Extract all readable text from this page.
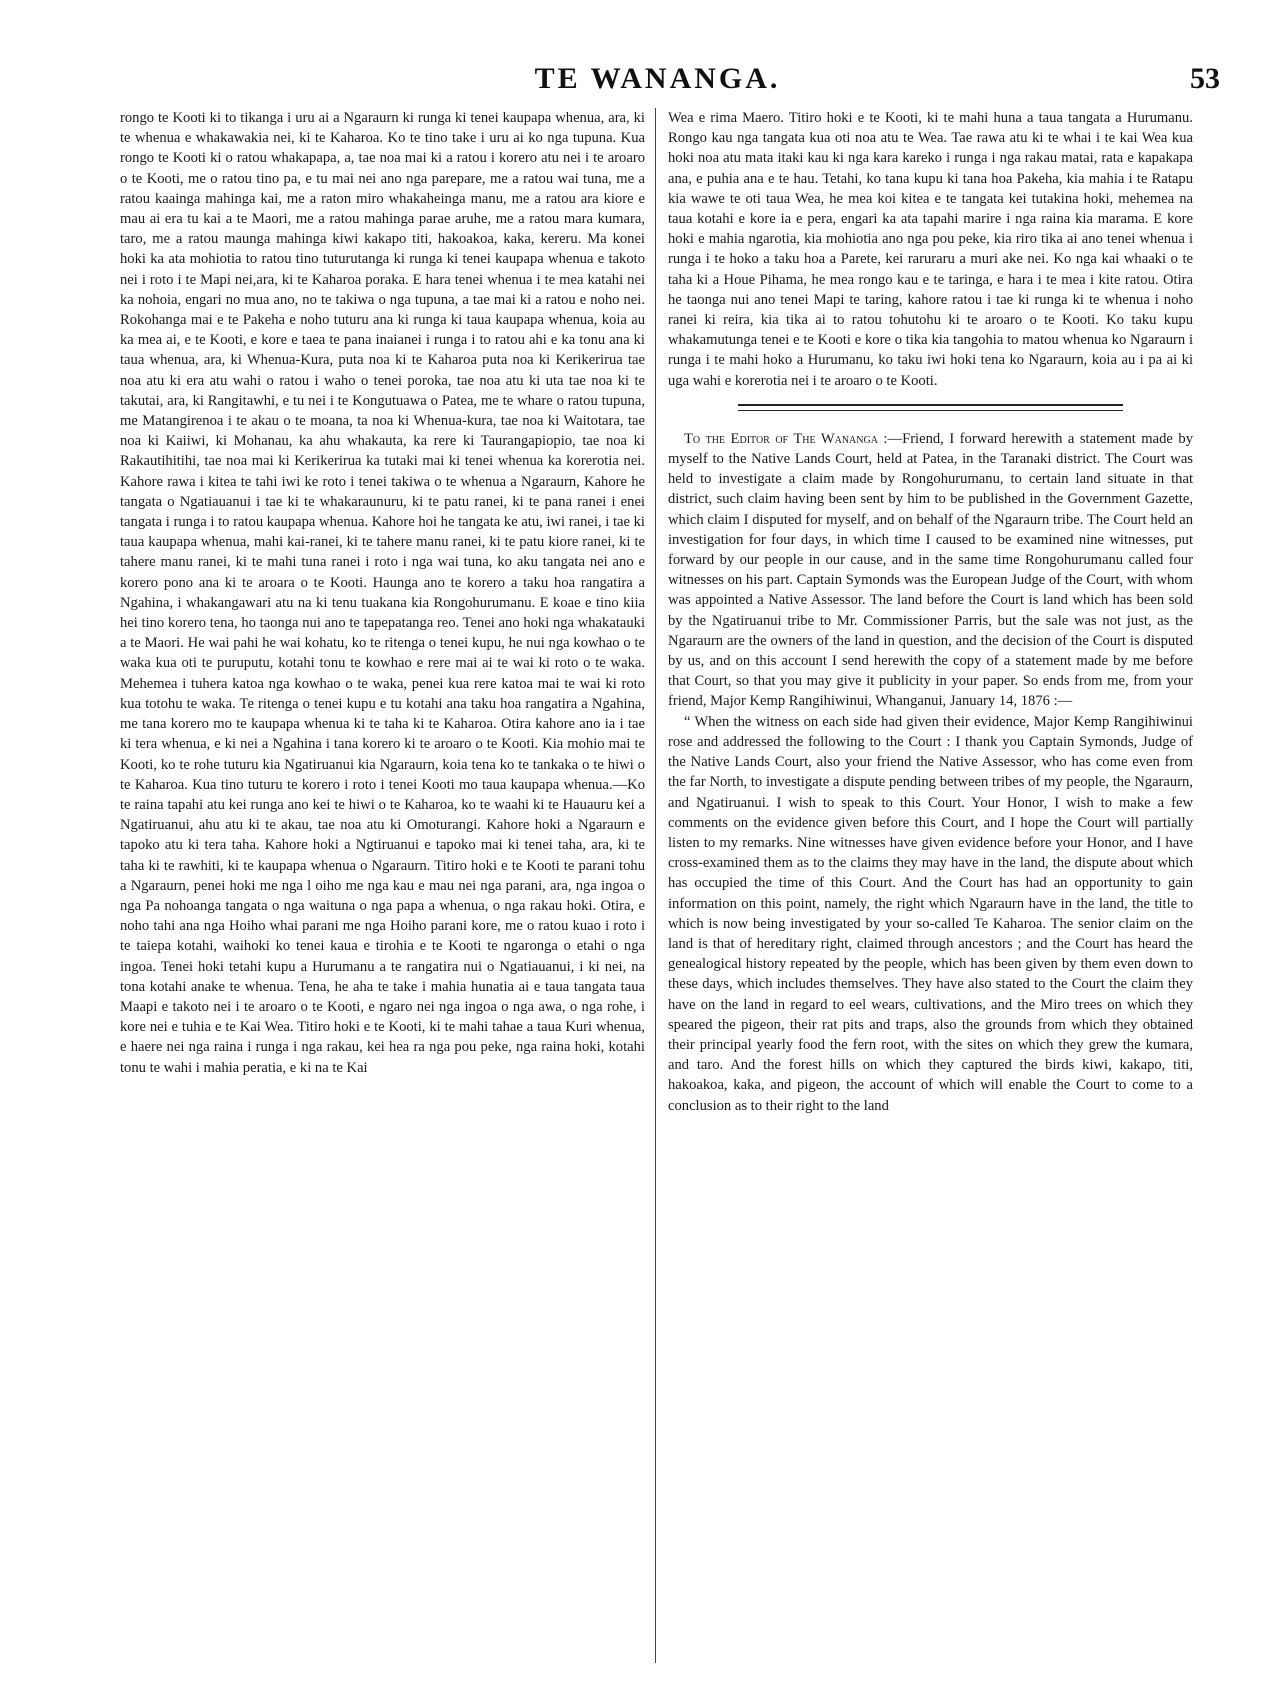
TE WANANGA.	53

rongo te Kooti ki to tikanga i uru ai a Ngaraurn ki runga ki tenei kaupapa whenua, ara, ki te whenua e whakawakia nei, ki te Kaharoa. Ko te tino take i uru ai ko nga tupuna. Kua rongo te Kooti ki o ratou whakapapa, a, tae noa mai ki a ratou i korero atu nei i te aroaro o te Kooti, me o ratou tino pa, e tu mai nei ano nga parepare, me a ratou wai tuna, me a ratou kaainga mahinga kai, me a raton miro whakaheinga manu, me a ratou ara kiore e mau ai era tu kai a te Maori, me a ratou mahinga parae aruhe, me a ratou mara kumara, taro, me a ratou maunga mahinga kiwi kakapo titi, hakoakoa, kaka, kereru. Ma konei hoki ka ata mohiotia to ratou tino tuturutanga ki runga ki tenei kaupapa whenua e takoto nei i roto i te Mapi nei,ara, ki te Kaharoa poraka. E hara tenei whenua i te mea katahi nei ka nohoia, engari no mua ano, no te takiwa o nga tupuna, a tae mai ki a ratou e noho nei. Rokohanga mai e te Pakeha e noho tuturu ana ki runga ki taua kaupapa whenua, koia au ka mea ai, e te Kooti, e kore e taea te pana inaianei i runga i to ratou ahi e ka tonu ana ki taua whenua, ara, ki Whenua-Kura, puta noa ki te Kaharoa puta noa ki Kerikerirua tae noa atu ki era atu wahi o ratou i waho o tenei poroka, tae noa atu ki uta tae noa ki te takutai, ara, ki Rangitawhi, e tu nei i te Kongutuawa o Patea, me te whare o ratou tupuna, me Matangirenoa i te akau o te moana, ta noa ki Whenua-kura, tae noa ki Waitotara, tae noa ki Kaiiwi, ki Mohanau, ka ahu whakauta, ka rere ki Taurangapiopio, tae noa ki Rakautihitihi, tae noa mai ki Kerikerirua ka tutaki mai ki tenei whenua ka korerotia nei. Kahore rawa i kitea te tahi iwi ke roto i tenei takiwa o te whenua a Ngaraurn, Kahore he tangata o Ngatiauanui i tae ki te whakaraunuru, ki te patu ranei, ki te pana ranei i enei tangata i runga i to ratou kaupapa whenua. Kahore hoi he tangata ke atu, iwi ranei, i tae ki taua kaupapa whenua, mahi kai-ranei, ki te tahere manu ranei, ki te patu kiore ranei, ki te tahere manu ranei, ki te mahi tuna ranei i roto i nga wai tuna, ko aku tangata nei ano e korero pono ana ki te aroara o te Kooti. Haunga ano te korero a taku hoa rangatira a Ngahina, i whakangawari atu na ki tenu tuakana kia Rongohurumanu. E koae e tino kiia hei tino korero tena, ho taonga nui ano te tapepatanga reo. Tenei ano hoki nga whakatauki a te Maori. He wai pahi he wai kohatu, ko te ritenga o tenei kupu, he nui nga kowhao o te waka kua oti te puruputu, kotahi tonu te kowhao e rere mai ai te wai ki roto o te waka. Mehemea i tuhera katoa nga kowhao o te waka, penei kua rere katoa mai te wai ki roto kua totohu te waka. Te ritenga o tenei kupu e tu kotahi ana taku hoa rangatira a Ngahina, me tana korero mo te kaupapa whenua ki te taha ki te Kaharoa. Otira kahore ano ia i tae ki tera whenua, e ki nei a Ngahina i tana korero ki te aroaro o te Kooti. Kia mohio mai te Kooti, ko te rohe tuturu kia Ngatiruanui kia Ngaraurn, koia tena ko te tankaka o te hiwi o te Kaharoa. Kua tino tuturu te korero i roto i tenei Kooti mo taua kaupapa whenua.—Ko te raina tapahi atu kei runga ano kei te hiwi o te Kaharoa, ko te waahi ki te Hauauru kei a Ngatiruanui, ahu atu ki te akau, tae noa atu ki Omoturangi. Kahore hoki a Ngaraurn e tapoko atu ki tera taha. Kahore hoki a Ngtiruanui e tapoko mai ki tenei taha, ara, ki te taha ki te rawhiti, ki te kaupapa whenua o Ngaraurn. Titiro hoki e te Kooti te parani tohu a Ngaraurn, penei hoki me nga l oiho me nga kau e mau nei nga parani, ara, nga ingoa o nga Pa nohoanga tangata o nga waituna o nga papa a whenua, o nga rakau hoki. Otira, e noho tahi ana nga Hoiho whai parani me nga Hoiho parani kore, me o ratou kuao i roto i te taiepa kotahi, waihoki ko tenei kaua e tirohia e te Kooti te ngaronga o etahi o nga ingoa. Tenei hoki tetahi kupu a Hurumanu a te rangatira nui o Ngatiauanui, i ki nei, na tona kotahi anake te whenua. Tena, he aha te take i mahia hunatia ai e taua tangata taua Maapi e takoto nei i te aroaro o te Kooti, e ngaro nei nga ingoa o nga awa, o nga rohe, i kore nei e tuhia e te Kai Wea. Titiro hoki e te Kooti, ki te mahi tahae a taua Kuri whenua, e haere nei nga raina i runga i nga rakau, kei hea ra nga pou peke, nga raina hoki, kotahi tonu te wahi i mahia peratia, e ki na te Kai

Wea e rima Maero. Titiro hoki e te Kooti, ki te mahi huna a taua tangata a Hurumanu. Rongo kau nga tangata kua oti noa atu te Wea. Tae rawa atu ki te whai i te kai Wea kua hoki noa atu mata itaki kau ki nga kara kareko i runga i nga rakau matai, rata e kapakapa ana, e puhia ana e te hau. Tetahi, ko tana kupu ki tana hoa Pakeha, kia mahia i te Ratapu kia wawe te oti taua Wea, he mea koi kitea e te tangata kei tutakina hoki, mehemea na taua kotahi e kore ia e pera, engari ka ata tapahi marire i nga raina kia marama. E kore hoki e mahia ngarotia, kia mohiotia ano nga pou peke, kia riro tika ai ano tenei whenua i runga i te hoko a taku hoa a Parete, kei raruraru a muri ake nei. Ko nga kai whaaki o te taha ki a Houe Pihama, he mea rongo kau e te taringa, e hara i te mea i kite ratou. Otira he taonga nui ano tenei Mapi te taring, kahore ratou i tae ki runga ki te whenua i noho ranei ki reira, kia tika ai to ratou tohutohu ki te aroaro o te Kooti. Ko taku kupu whakamutunga tenei e te Kooti e kore o tika kia tangohia to matou whenua ko Ngaraurn i runga i te mahi hoko a Hurumanu, ko taku iwi hoki tena ko Ngaraurn, koia au i pa ai ki uga wahi e korerotia nei i te aroaro o te Kooti.

To the Editor of The Wananga :—Friend, I forward herewith a statement made by myself to the Native Lands Court, held at Patea, in the Taranaki district. The Court was held to investigate a claim made by Rongohurumanu, to certain land situate in that district, such claim having been sent by him to be published in the Government Gazette, which claim I disputed for myself, and on behalf of the Ngaraurn tribe. The Court held an investigation for four days, in which time I caused to be examined nine witnesses, put forward by our people in our cause, and in the same time Rongohurumanu called four witnesses on his part. Captain Symonds was the European Judge of the Court, with whom was appointed a Native Assessor. The land before the Court is land which has been sold by the Ngatiruanui tribe to Mr. Commissioner Parris, but the sale was not just, as the Ngaraurn are the owners of the land in question, and the decision of the Court is disputed by us, and on this account I send herewith the copy of a statement made by me before that Court, so that you may give it publicity in your paper. So ends from me, from your friend, Major Kemp Rangihiwinui, Whanganui, January 14, 1876 :—

“ When the witness on each side had given their evidence, Major Kemp Rangihiwinui rose and addressed the following to the Court : I thank you Captain Symonds, Judge of the Native Lands Court, also your friend the Native Assessor, who has come even from the far North, to investigate a dispute pending between tribes of my people, the Ngaraurn, and Ngatiruanui. I wish to speak to this Court. Your Honor, I wish to make a few comments on the evidence given before this Court, and I hope the Court will partially listen to my remarks. Nine witnesses have given evidence before your Honor, and I have cross-examined them as to the claims they may have in the land, the dispute about which has occupied the time of this Court. And the Court has had an opportunity to gain information on this point, namely, the right which Ngaraurn have in the land, the title to which is now being investigated by your so-called Te Kaharoa. The senior claim on the land is that of hereditary right, claimed through ancestors ; and the Court has heard the genealogical history repeated by the people, which has been given by them even down to these days, which includes themselves. They have also stated to the Court the claim they have on the land in regard to eel wears, cultivations, and the Miro trees on which they speared the pigeon, their rat pits and traps, also the grounds from which they obtained their principal yearly food the fern root, with the sites on which they grew the kumara, and taro. And the forest hills on which they captured the birds kiwi, kakapo, titi, hakoakoa, kaka, and pigeon, the account of which will enable the Court to come to a conclusion as to their right to the land
